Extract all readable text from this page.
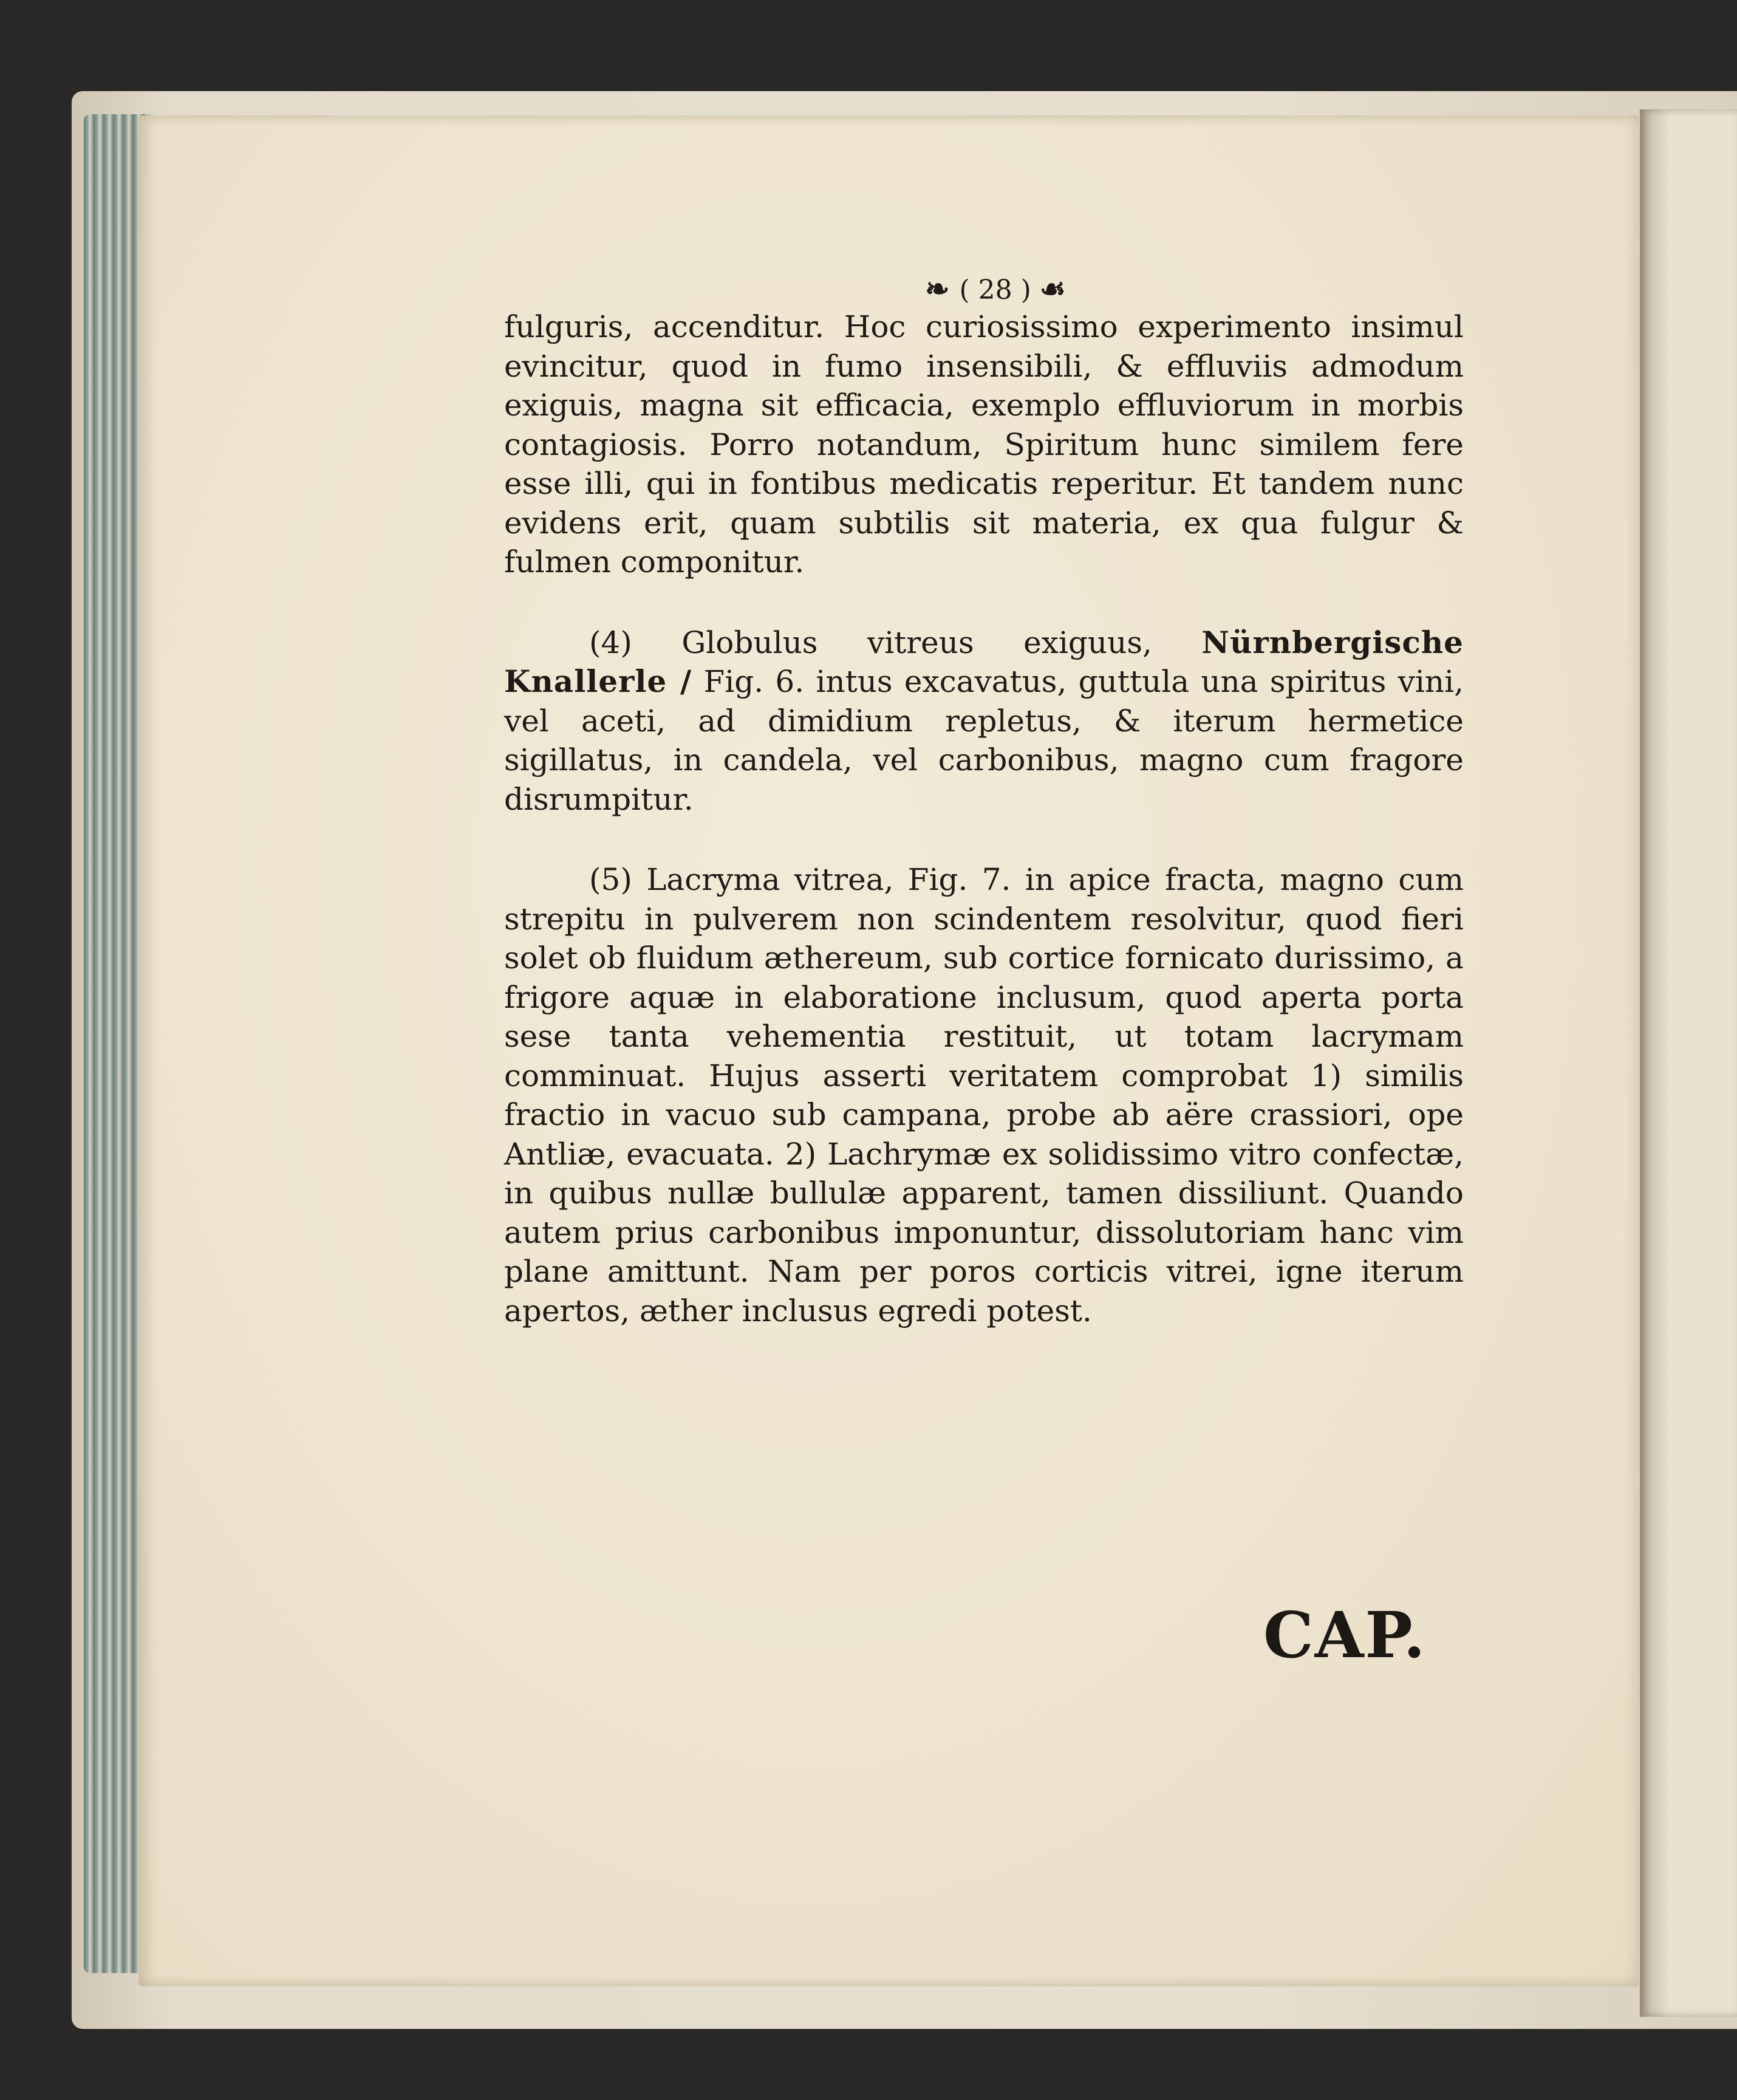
❧ ( 28 ) ☙

fulguris, accenditur. Hoc curiosissimo experimento insimul evincitur, quod in fumo insensibili, & effluviis admodum exiguis, magna sit efficacia, exemplo effluviorum in morbis contagiosis. Porro notandum, Spiritum hunc similem fere esse illi, qui in fontibus medicatis reperitur. Et tandem nunc evidens erit, quam subtilis sit materia, ex qua fulgur & fulmen componitur.

(4) Globulus vitreus exiguus, Nürnbergische Knallerle / Fig. 6. intus excavatus, guttula una spiritus vini, vel aceti, ad dimidium repletus, & iterum hermetice sigillatus, in candela, vel carbonibus, magno cum fragore disrumpitur.

(5) Lacryma vitrea, Fig. 7. in apice fracta, magno cum strepitu in pulverem non scindentem resolvitur, quod fieri solet ob fluidum æthereum, sub cortice fornicato durissimo, a frigore aquæ in elaboratione inclusum, quod aperta porta sese tanta vehementia restituit, ut totam lacrymam comminuat. Hujus asserti veritatem comprobat 1) similis fractio in vacuo sub campana, probe ab aëre crassiori, ope Antliæ, evacuata. 2) Lachrymæ ex solidissimo vitro confectæ, in quibus nullæ bullulæ apparent, tamen dissiliunt. Quando autem prius carbonibus imponuntur, dissolutoriam hanc vim plane amittunt. Nam per poros corticis vitrei, igne iterum apertos, æther inclusus egredi potest.

CAP.
